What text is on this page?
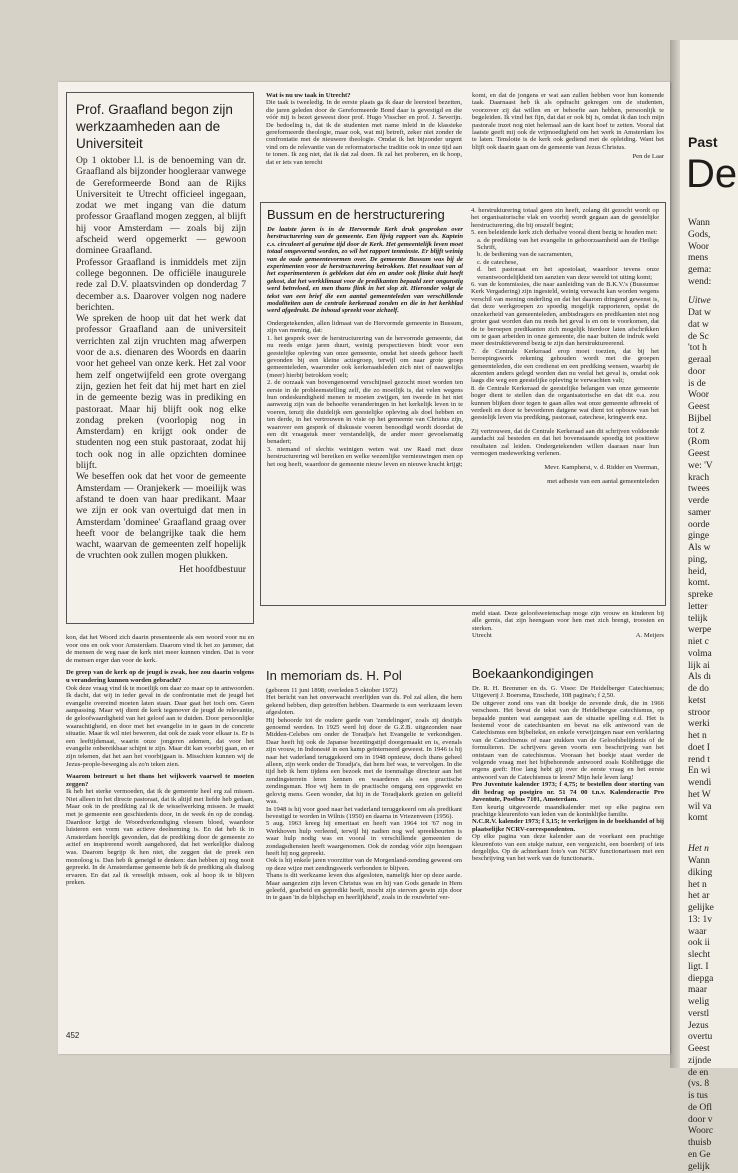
Prof. Graafland begon zijn werkzaamheden aan de Universiteit

Op 1 oktober l.l. is de benoeming van dr. Graafland als bijzonder hoogleraar vanwege de Gereformeerde Bond aan de Rijks Universiteit te Utrecht officieel ingegaan, zodat we met ingang van die datum professor Graafland mogen zeggen, al blijft hij voor Amsterdam — zoals bij zijn afscheid werd opgemerkt — gewoon dominee Graafland.

Professor Graafland is inmiddels met zijn college begonnen. De officiële inaugurele rede zal D.V. plaatsvinden op donderdag 7 december a.s. Daarover volgen nog nadere berichten.

We spreken de hoop uit dat het werk dat professor Graafland aan de universiteit verrichten zal zijn vruchten mag afwerpen voor de a.s. dienaren des Woords en daarin voor het geheel van onze kerk. Het zal voor hem zelf ongetwijfeld een grote overgang zijn, gezien het feit dat hij met hart en ziel in de gemeente bezig was in prediking en pastoraat. Maar hij blijft ook nog elke zondag preken (voorlopig nog in Amsterdam) en krijgt ook onder de studenten nog een stuk pastoraat, zodat hij toch ook nog in alle opzichten dominee blijft.

We beseffen ook dat het voor de gemeente Amsterdam — Oranjekerk — moeilijk was afstand te doen van haar predikant. Maar we zijn er ook van overtuigd dat men in Amsterdam 'dominee' Graafland graag over heeft voor de belangrijke taak die hem wacht, waarvan de gemeenten zelf hopelijk de vruchten ook zullen mogen plukken.

Het hoofdbestuur

kon, dat het Woord zich daarin presenteerde als een woord voor nu en voor ons en ook voor Amsterdam. Daarom vind ik het zo jammer, dat de mensen de weg naar de kerk niet meer kunnen vinden. Dat is voor de mensen erger dan voor de kerk.

De greep van de kerk op de jeugd is zwak, hoe zou daarin volgens u verandering kunnen worden gebracht?

Ook deze vraag vind ik te moeilijk om daar zo maar op te antwoorden. Ik dacht, dat wij in ieder geval in de confrontatie met de jeugd het evangelie overeind moeten laten staan. Daar gaat het toch om. Geen aanpassing. Maar wij dient de kerk tegenover de jeugd de relevantie, de geloofwaardigheid van het geloof aan te duiden. Door persoonlijke waarachtigheid, en door met het evangelie in te gaan in de concrete situatie. Maar ik wil niet beweren, dat ook de zaak voor elkaar is. Er is een leeftijdsmaat, waarin onze jongeren ademen, dat voor het evangelie onbereikbaar schijnt te zijn. Maar dit kan voorbij gaan, en er zijn tekenen, dat het aan het voorbijgaan is. Misschien kunnen wij de Jezus-people-beweging als zo'n teken zien.

Waarom betreurt u het thans het wijkwerk vaarwel te moeten zeggen?

Ik heb het sterke vermoeden, dat ik de gemeente heel erg zal missen. Niet alleen in het directe pastoraat, dat ik altijd met liefde heb gedaan, Maar ook in de prediking zal ik de wisselwerking missen. Je maakt met je gemeente een geschiedenis door, in de week én op de zondag. Daardoor krijgt de Woordverkondiging vleesen bloed, waardoor luisteren een vorm van actieve deelneming is. En dat heb ik in Amsterdam heerlijk gevonden, dat de prediking door de gemeente zo actief en inspirerend wordt aangehoord, dat het werkelijke dialoog was. Daarom begrijp ik hen niet, die zeggen dat de preek een monoloog is. Dan heb ik geneigd te denken: dan hebben zij nog nooit gepreekt. In de Amsterdamse gemeente heb ik de prediking als dialoog ervaren. En dat zal ik vreselijk missen, ook al hoop ik te blijven preken.

452

Wat is nu uw taak in Utrecht?

Die taak is tweeledig. In de eerste plaats ga ik daar de leerstoel bezetten, die jaren geleden door de Gereformeerde Bond daar is gevestigd en die vóór mij is bezet geweest door prof. Hugo Visscher en prof. J. Severijn. De bedoeling is, dat ik de studenten met name inleid in de klassieke gereformeerde theologie, maar ook, wat mij betreft, zeker niet zonder de confrontatie met de nieuwere theologie. Omdat ik het bijzonder urgent vind om de relevantie van de reformatorische traditie ook in onze tijd aan te tonen. Ik zeg niet, dat ik dat zal doen. Ik zal het proberen, en ik hoop, dat er iets van terecht

komt, en dat de jongens er wat aan zullen hebben voor hun komende taak. Daarnaast heb ik als opdracht gekregen om de studenten, voorzover zij dat willen en er behoefte aan hebben, persoonlijk te begeleiden. Ik vind het fijn, dat dat er ook bij is, omdat ik dan toch mijn pastorale inzet nog niet helemaal aan de kant hoef te zetten. Vooral dat laatste geeft mij ook de vrijmoedigheid om het werk in Amsterdam los te laten. Tenslotte is de kerk ook gediend met de opleiding. Want het blijft ook daarin gaan om de gemeente van Jezus Christus.

Pen de Laar

Bussum en de herstructurering

De laatste jaren is in de Hervormde Kerk druk gesproken over herstructurering van de gemeente. Een lijvig rapport van ds. Kaptein c.s. circuleert al geruime tijd door de Kerk. Het gemeentelijk leven moet totaal omgevormd worden, zo wil het rapport tenminste. Er blijft weinig van de oude gemeentevormen over. De gemeente Bussum was bij de experimenten voor de herstructurering betrokken. Het resultaat van al het experimenteren is gebleken dat één en ander ook flinke duit heeft gekost, dat het werkklimaat voor de predikanten bepaald zeer ongunstig werd beïnvloed, en men thans flink in het slop zit. Hieronder volgt de tekst van een brief die een aantal gemeenteleden van verschillende modaliteiten aan de centrale kerkeraad zonden en die in het kerkblad werd afgedrukt. De inhoud spreekt voor zichzelf.

Ondergetekenden, allen lidmaat van de Hervormde gemeente in Bussum, zijn van mening, dat:

1. het gesprek over de herstructurering van de hervormde gemeente, dat nu reeds enige jaren duurt, weinig perspectieven biedt voor een geestelijke opleving van onze gemeente, omdat het steeds gehoor heeft gevonden bij een kleine actiegroep, terwijl om naar grote groep gemeenteleden, waaronder ook kerkeraadsleden zich niet of nauwelijks (meer) hierbij betrokken voelt;

2. de oorzaak van bovengenoemd verschijnsel gezocht moet worden ten eerste in de probleemstelling zelf, die zo moeilijk is, dat velen wegens hun ondeskundigheid menen te moeten zwijgen, ten tweede in het niet aanwezig zijn van de behoefte veranderingen in het kerkelijk leven in te voeren, tenzij die duidelijk een geestelijke opleving als doel hebben en ten derde, in het vertrouwen in visie op het gemeente van Christus zijn, waarover een gesprek of diskussie voeren benoodigd wordt doordat de een dit vraagstuk meer verstandelijk, de ander meer gevoelsmatig benadert;

3. niemand of slechts weinigen weten wat uw Raad met deze herstructurering wil bereiken en welke wezenlijke vernieuwingen men op het oog heeft, waardoor de gemeente nieuw leven en nieuwe kracht krijgt;

4. herstrukturering totaal geen zin heeft, zolang dit gezocht wordt op het organisatorische vlak en voorbij wordt gegaan aan de geestelijke herstructurering, die bij onszelf begint;

5. een beleidende kerk zich derhalve vooral dient bezig te houden met:

a. de prediking van het evangelie in gehoorzaamheid aan de Heilige Schrift,

b. de bediening van de sacramenten,

c. de catechese,

d. het pastoraat en het apostolaat, waardoor tevens onze verantwoordelijkheid ten aanzien van deze wereld tot uiting komt;

6. van de kommissies, die naar aanleiding van de B.K.V.'s (Bussumse Kerk Vergadering) zijn ingesteld, weinig verwacht kan worden wegens verschil van mening onderling en dat het daarom dringend gewenst is, dat deze werkgroepen zo spoedig mogelijk rapporteren, opdat de onzekerheid van gemeenteleden, ambtsdragers en predikanten niet nog groter gaat worden dan nu reeds het geval is en om te voorkomen, dat de te beroepen predikanten zich mogelijk hierdoor laten afschrikken om te gaan arbeiden in onze gemeente, die naar buiten de indruk wekt meer destruktieverend bezig te zijn dan herstruktureerend.

7. de Centrale Kerkeraad erop moet toezien, dat bij het beroepingswerk rekening gehouden wordt met die groepen gemeenteleden, die een credienst en een prediking wensen, waarbij de akzenten anders gelegd worden dan nu veelal het geval is, omdat ook laags die weg een geestelijke opleving te verwachten valt;

8. de Centrale Kerkeraad de geestelijke belangen van onze gemeente hoger dient te stellen dan de organisatorische en dat dit o.a. zou kunnen blijken door tegen te gaan alles wat onze gemeente afbreekt of verdeelt en door te bevorderen datgene wat dient tot opbouw van het geestelijk leven via prediking, pastoraat, catechese, kringwerk enz.

Zij vertrouwen, dat de Centrale Kerkeraad aan dit schrijven voldoende aandacht zal besteden en dat het bovenstaande spoedig tot positieve resultaten zal leiden. Ondergetekenden willen daaraan naar hun vermogen medewerking verlenen.

Mevr. Kampherst, v. d. Ridder en Veerman,

met adhesie van een aantal gemeenteleden

In memoriam ds. H. Pol

(geboren 11 juni 1898; overleden 5 oktober 1972)

Het bericht van het onverwacht overlijden van ds. Pol zal allen, die hem gekend hebben, diep getroffen hebben. Daarmede is een werkzaam leven afgesloten.

Hij behoorde tot de oudere garde van 'zendelingen', zoals zij destijds genoemd werden. In 1925 werd hij door de G.Z.B. uitgezonden naar Midden-Celebes om onder de Toradja's het Evangelie te verkondigen. Daar heeft hij ook de Japanse bezettingstijd doorgemaakt en is, evenals zijn vrouw, in Indonesië in een kamp geïnterneerd geweest. In 1946 is hij naar het vaderland teruggekeerd om in 1948 opnieuw, doch thans geheel alleen, zijn werk onder de Toradja's, dat hem lief was, te vervolgen. In die tijd heb ik hem tijdens een bezoek met de toenmalige directeur aan het zendingsterrein leren kennen en waarderen als een practische zendingsman. Hoe wij hem in de practische omgang een opgewekt en gelovig mens. Geen wonder, dat hij in de Toradjakerk gezien en geliefd was.

In 1948 is hij voor goed naar het vaderland teruggekeerd om als predikant bevestigd te worden in Wilnis (1950) en daarna in Vriezenveen (1956).

5 aug. 1963 kreeg hij emeritaat en heeft van 1964 tot '67 nog in Werkhoven hulp verleend, terwijl hij nadien nog wel spreekbeurten is waar hulp nodig was en vooral in verschillende gemeenten de zondagsdiensten heeft waargenomen. Ook de zondag vóór zijn heengaan heeft hij nog gepreekt.

Ook is hij enkele jaren voorzitter van de Morgenland-zending geweest om op deze wijze met zendingswerk verbonden te blijven.

Thans is dit werkzame leven dus afgesloten, namelijk hier op deze aarde. Maar aangezien zijn leven Christus was en hij van Gods genade in Hem geleefd, gearbeid en gepredikt heeft, mocht zijn sterven gewin zijn door in te gaan 'in de blijdschap en heerlijkheid', zoals in de rouwbrief ver-

meld staat. Deze geloofswetenschap moge zijn vrouw en kinderen bij alle gemis, dat zijn heengaan voor hen met zich brengt, troosten en sterken.

Utrecht	A. Meijers
Boekaankondigingen

Dr. R. H. Bremmer en ds. G. Visee: De Heidelberger Catechismus; Uitgeverij J. Boersma, Enschede, 108 pagina's; f 2,50.

De uitgever zond ons van dit boekje de zevende druk, die in 1966 verscheen. Het bevat de tekst van de Heidelbergse catechismus, op bepaalde punten wat aangepast aan de situatie spelling e.d. Het is bestemd voor de catechisanten en bevat na elk antwoord van de Catechismus een bijbeltekst, en enkele verwijzingen naar een verklaring van de Catechismus of naar stukken van de Geloofsbelijdenis of de formulieren. De schrijvers geven voorts een beschrijving van het ontstaan van de catechismus. Vooraan het boekje staat verder de volgende vraag met het bijbehorende antwoord zoals Kohlbrügge die ergens geeft: Hoe lang hebt gij over de eerste vraag en het eerste antwoord van de Catechismus te leren? Mijn hele leven lang!

Pro Juventute kalender 1973; f 4,75; te bestellen door storting van dit bedrag op postgiro nr. 51 74 00 t.n.v. Kalenderactie Pro Juventute, Postbus 7101, Amsterdam.

Een keurig uitgevoerde maandkalender met op elke pagina een prachtige kleurenfoto van leden van de koninklijke familie.

N.C.R.V. kalender 1973; f 3,15; te verkrijgen in de boekhandel of bij plaatselijke NCRV-correspondenten.

Op elke pagina van deze kalender aan de voorkant een prachtige kleurenfoto van een stukje natuur, een vergezicht, een boerderij of iets dergelijks. Op de achterkant foto's van NCRV functionarissen met een beschrijving van het werk van de functionaris.

Past
De
Wann
Gods,
Woor
mens
gema:
wend:
Uitwe
Dat w
dat w
de Sc
'tot h
geraal
door
is de
Woor
Geest
Bijbel
tot z
(Rom
Geest
we: 'V
krach
twees
verde
samer
oorde
ginge
Als w
ping,
heid,
komt.
spreke
letter
telijk
werpe
niet c
volma
lijk ai
Als dı
de do
ketst
stroor
werki
het n
doet I
rend t
En wi
wendi
het W
wil va
komt
Het n
Wann
diking
het n
het ar
gelijke
13: 1v
waar
ook ii
slecht
ligt. I
diepga
maar
welig
verstl
Jezus
overtu
Geest
zijnde
de en
(vs. 8
is tus
de Ofl
door v
Woorc
thuisb
en Ge
gelijk
